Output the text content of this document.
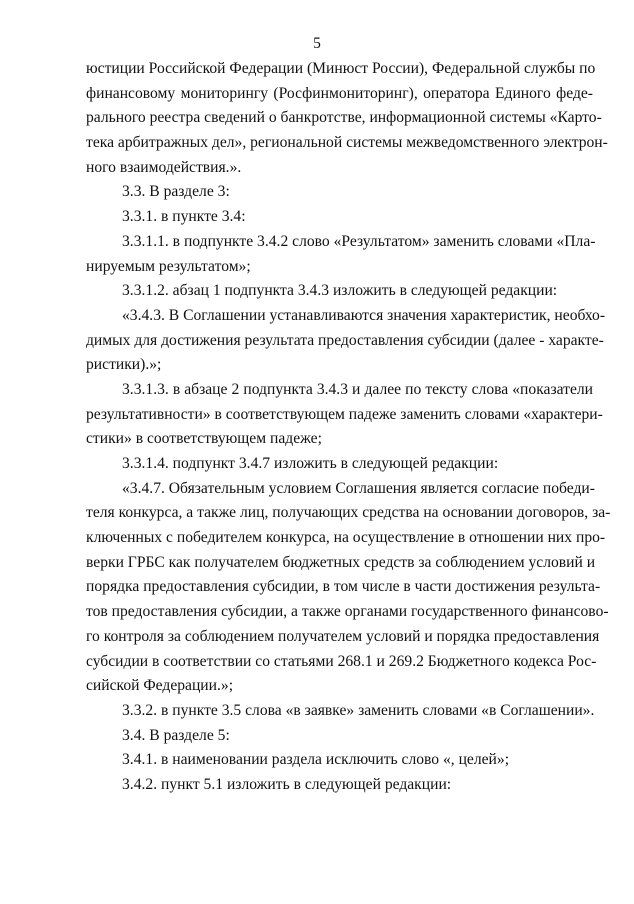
5
юстиции Российской Федерации (Минюст России), Федеральной службы по
финансовому мониторингу (Росфинмониторинг), оператора Единого феде-
рального реестра сведений о банкротстве, информационной системы «Карто-
тека арбитражных дел», региональной системы межведомственного электрон-
ного взаимодействия.».
3.3. В разделе 3:
3.3.1. в пункте 3.4:
3.3.1.1. в подпункте 3.4.2 слово «Результатом» заменить словами «Пла-
нируемым результатом»;
3.3.1.2. абзац 1 подпункта 3.4.3 изложить в следующей редакции:
«3.4.3. В Соглашении устанавливаются значения характеристик, необхо-
димых для достижения результата предоставления субсидии (далее - характе-
ристики).»;
3.3.1.3. в абзаце 2 подпункта 3.4.3 и далее по тексту слова «показатели
результативности» в соответствующем падеже заменить словами «характери-
стики» в соответствующем падеже;
3.3.1.4. подпункт 3.4.7 изложить в следующей редакции:
«3.4.7. Обязательным условием Соглашения является согласие победи-
теля конкурса, а также лиц, получающих средства на основании договоров, за-
ключенных с победителем конкурса, на осуществление в отношении них про-
верки ГРБС как получателем бюджетных средств за соблюдением условий и
порядка предоставления субсидии, в том числе в части достижения результа-
тов предоставления субсидии, а также органами государственного финансово-
го контроля за соблюдением получателем условий и порядка предоставления
субсидии в соответствии со статьями 268.1 и 269.2 Бюджетного кодекса Рос-
сийской Федерации.»;
3.3.2. в пункте 3.5 слова «в заявке» заменить словами «в Соглашении».
3.4. В разделе 5:
3.4.1. в наименовании раздела исключить слово «, целей»;
3.4.2. пункт 5.1 изложить в следующей редакции:
